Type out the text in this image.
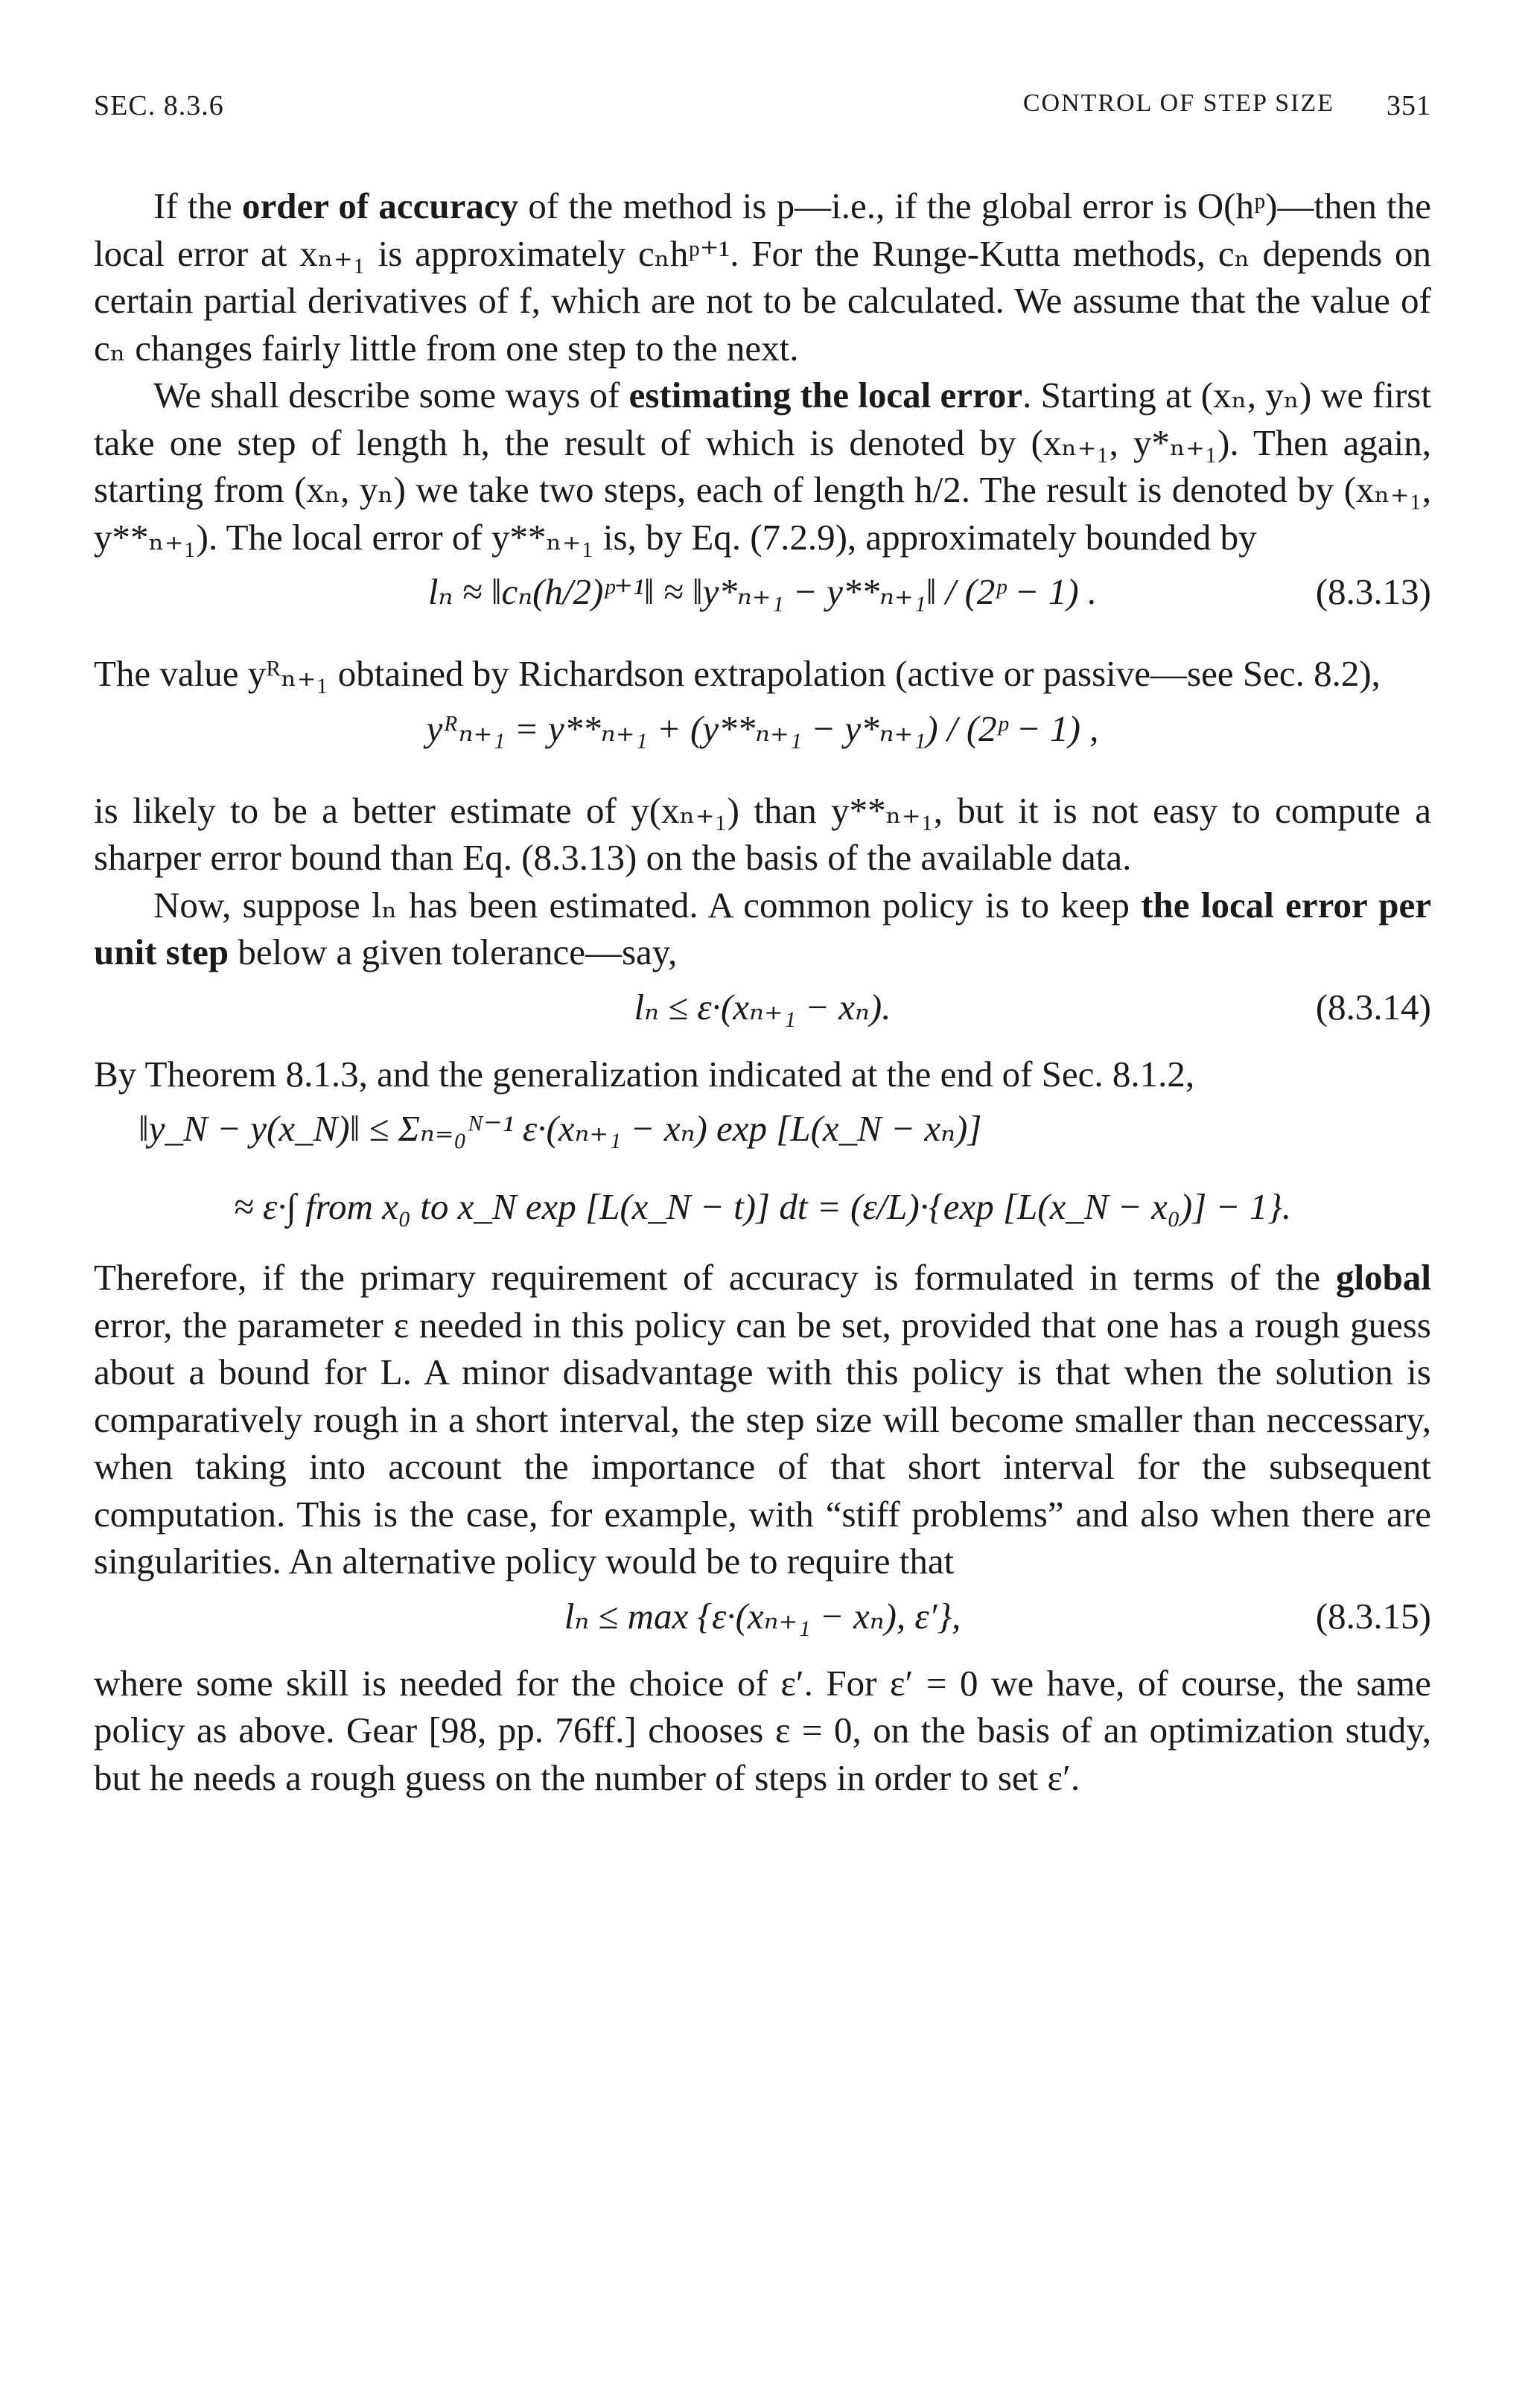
SEC. 8.3.6	CONTROL OF STEP SIZE 351

If the order of accuracy of the method is p—i.e., if the global error is O(hᵖ)—then the local error at xₙ₊₁ is approximately cₙhᵖ⁺¹. For the Runge-Kutta methods, cₙ depends on certain partial derivatives of f, which are not to be calculated. We assume that the value of cₙ changes fairly little from one step to the next.

We shall describe some ways of estimating the local error. Starting at (xₙ, yₙ) we first take one step of length h, the result of which is denoted by (xₙ₊₁, y*ₙ₊₁). Then again, starting from (xₙ, yₙ) we take two steps, each of length h/2. The result is denoted by (xₙ₊₁, y**ₙ₊₁). The local error of y**ₙ₊₁ is, by Eq. (7.2.9), approximately bounded by

lₙ ≈ ‖cₙ(h/2)ᵖ⁺¹‖ ≈ ‖y*ₙ₊₁ − y**ₙ₊₁‖ / (2ᵖ − 1) .	(8.3.13)

The value yᴿₙ₊₁ obtained by Richardson extrapolation (active or passive—see Sec. 8.2),

yᴿₙ₊₁ = y**ₙ₊₁ + (y**ₙ₊₁ − y*ₙ₊₁) / (2ᵖ − 1) ,

is likely to be a better estimate of y(xₙ₊₁) than y**ₙ₊₁, but it is not easy to compute a sharper error bound than Eq. (8.3.13) on the basis of the available data.

Now, suppose lₙ has been estimated. A common policy is to keep the local error per unit step below a given tolerance—say,

lₙ ≤ ε·(xₙ₊₁ − xₙ).	(8.3.14)

By Theorem 8.1.3, and the generalization indicated at the end of Sec. 8.1.2,

‖y_N − y(x_N)‖ ≤ Σₙ₌₀ᴺ⁻¹ ε·(xₙ₊₁ − xₙ) exp [L(x_N − xₙ)]
≈ ε·∫ from x₀ to x_N exp [L(x_N − t)] dt = (ε/L)·{exp [L(x_N − x₀)] − 1}.

Therefore, if the primary requirement of accuracy is formulated in terms of the global error, the parameter ε needed in this policy can be set, provided that one has a rough guess about a bound for L. A minor disadvantage with this policy is that when the solution is comparatively rough in a short interval, the step size will become smaller than neccessary, when taking into account the importance of that short interval for the subsequent computation. This is the case, for example, with “stiff problems” and also when there are singularities. An alternative policy would be to require that

lₙ ≤ max {ε·(xₙ₊₁ − xₙ), ε′},	(8.3.15)

where some skill is needed for the choice of ε′. For ε′ = 0 we have, of course, the same policy as above. Gear [98, pp. 76ff.] chooses ε = 0, on the basis of an optimization study, but he needs a rough guess on the number of steps in order to set ε′.
